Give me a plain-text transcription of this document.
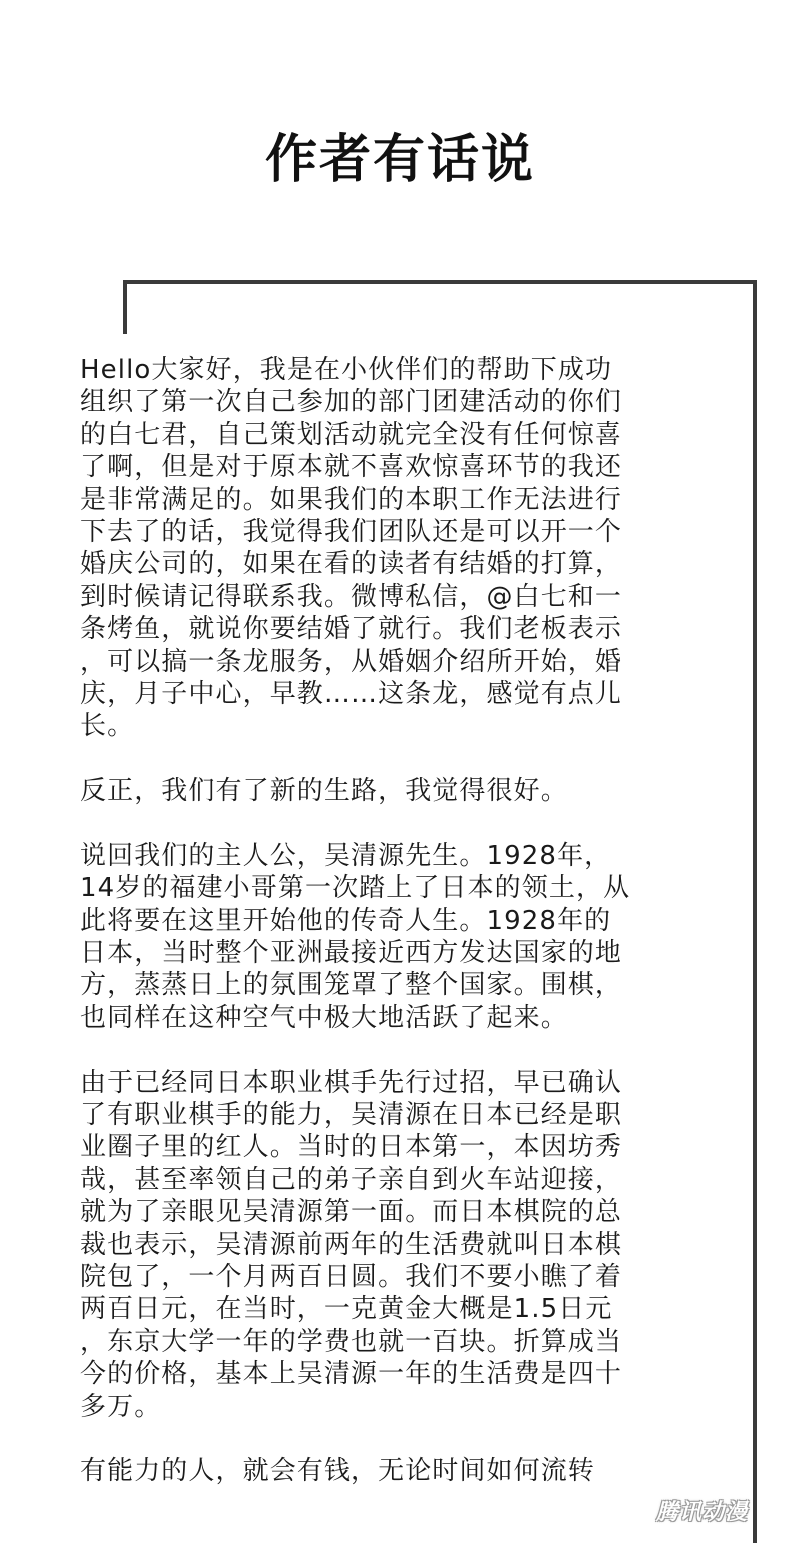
作者有话说
Hello大家好，我是在小伙伴们的帮助下成功
组织了第一次自己参加的部门团建活动的你们
的白七君，自己策划活动就完全没有任何惊喜
了啊，但是对于原本就不喜欢惊喜环节的我还
是非常满足的。如果我们的本职工作无法进行
下去了的话，我觉得我们团队还是可以开一个
婚庆公司的，如果在看的读者有结婚的打算，
到时候请记得联系我。微博私信，@白七和一
条烤鱼，就说你要结婚了就行。我们老板表示
，可以搞一条龙服务，从婚姻介绍所开始，婚
庆，月子中心，早教……这条龙，感觉有点儿
长。
反正，我们有了新的生路，我觉得很好。
说回我们的主人公，吴清源先生。1928年，
14岁的福建小哥第一次踏上了日本的领土，从
此将要在这里开始他的传奇人生。1928年的
日本，当时整个亚洲最接近西方发达国家的地
方，蒸蒸日上的氛围笼罩了整个国家。围棋，
也同样在这种空气中极大地活跃了起来。
由于已经同日本职业棋手先行过招，早已确认
了有职业棋手的能力，吴清源在日本已经是职
业圈子里的红人。当时的日本第一，本因坊秀
哉，甚至率领自己的弟子亲自到火车站迎接，
就为了亲眼见吴清源第一面。而日本棋院的总
裁也表示，吴清源前两年的生活费就叫日本棋
院包了，一个月两百日圆。我们不要小瞧了着
两百日元，在当时，一克黄金大概是1.5日元
，东京大学一年的学费也就一百块。折算成当
今的价格，基本上吴清源一年的生活费是四十
多万。
有能力的人，就会有钱，无论时间如何流转
腾讯动漫
